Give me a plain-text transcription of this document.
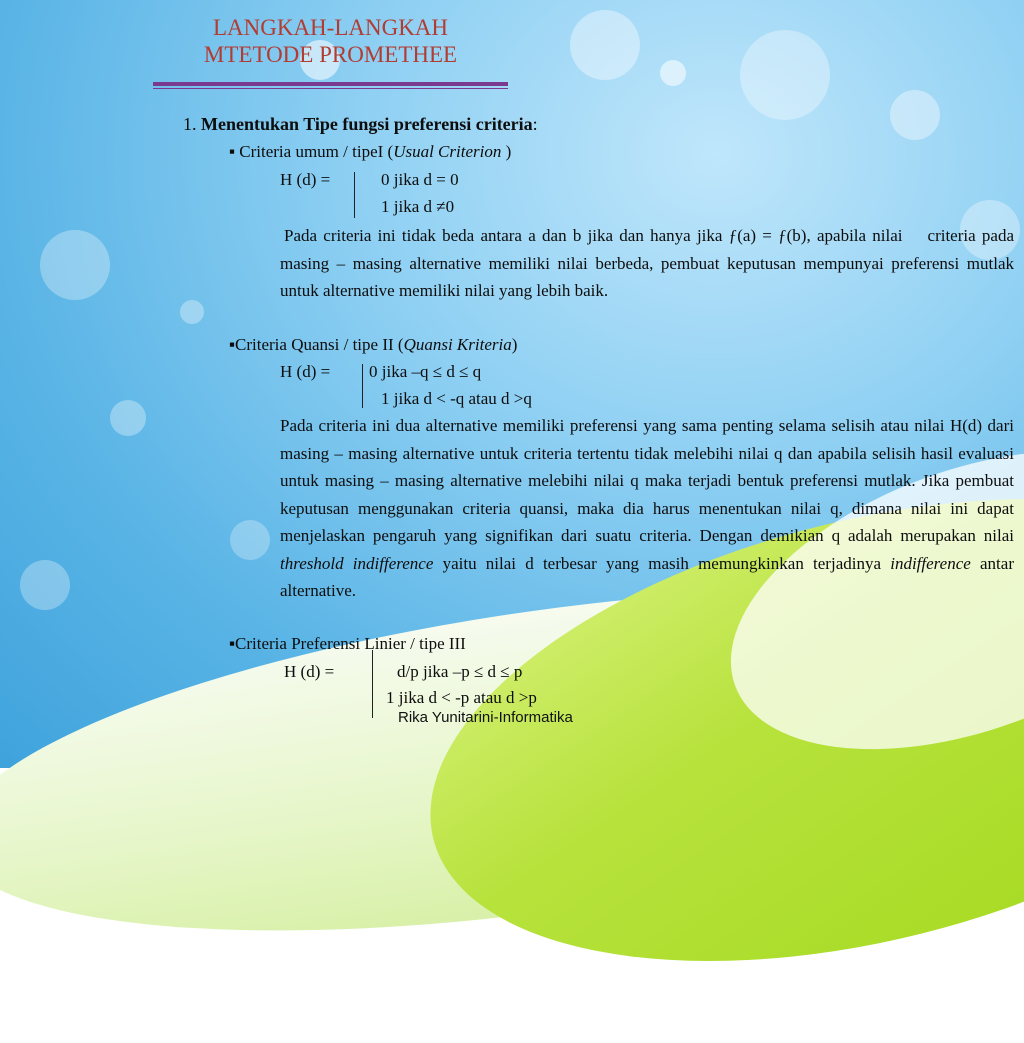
LANGKAH-LANGKAH
MTETODE PROMETHEE
1. Menentukan Tipe fungsi preferensi criteria:
▪ Criteria umum / tipeI (Usual Criterion )
H (d) =	0 jika d = 0
1 jika d ≠0
Pada criteria ini tidak beda antara a dan b jika dan hanya jika ƒ(a) = ƒ(b), apabila nilai    criteria pada masing – masing alternative memiliki nilai berbeda, pembuat keputusan mempunyai preferensi mutlak untuk alternative memiliki nilai yang lebih baik.
▪Criteria Quansi / tipe II (Quansi Kriteria)
H (d) = 0 jika –q ≤ d ≤ q
1 jika d < -q atau d >q
Pada criteria ini dua alternative memiliki preferensi yang sama penting selama selisih atau nilai H(d) dari masing – masing alternative untuk criteria tertentu tidak melebihi nilai q dan apabila selisih hasil evaluasi untuk masing – masing alternative melebihi nilai q maka terjadi bentuk preferensi mutlak. Jika pembuat keputusan menggunakan criteria quansi, maka dia harus menentukan nilai q, dimana nilai ini dapat menjelaskan pengaruh yang signifikan dari suatu criteria. Dengan demikian q adalah merupakan nilai threshold indifference yaitu nilai d terbesar yang masih memungkinkan terjadinya indifference antar alternative.
▪Criteria Preferensi Linier / tipe III
H (d) =	d/p jika –p ≤ d ≤ p
1 jika d < -p atau d >p
Rika Yunitarini-Informatika
